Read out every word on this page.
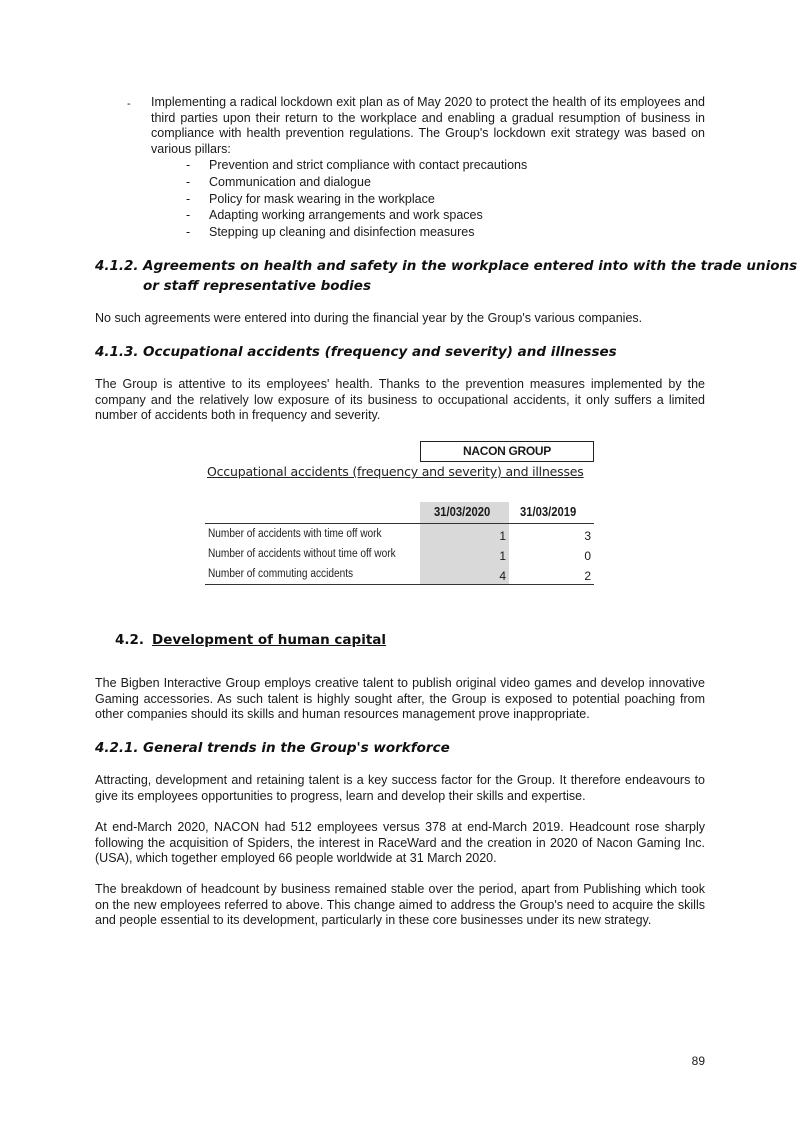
- Implementing a radical lockdown exit plan as of May 2020 to protect the health of its employees and third parties upon their return to the workplace and enabling a gradual resumption of business in compliance with health prevention regulations. The Group's lockdown exit strategy was based on various pillars:
-	Prevention and strict compliance with contact precautions
-	Communication and dialogue
-	Policy for mask wearing in the workplace
-	Adapting working arrangements and work spaces
-	Stepping up cleaning and disinfection measures
4.1.2. Agreements on health and safety in the workplace entered into with the trade unions
or staff representative bodies
No such agreements were entered into during the financial year by the Group's various companies.
4.1.3. Occupational accidents (frequency and severity) and illnesses
The Group is attentive to its employees' health. Thanks to the prevention measures implemented by the company and the relatively low exposure of its business to occupational accidents, it only suffers a limited number of accidents both in frequency and severity.
NACON GROUP
Occupational accidents (frequency and severity) and illnesses
31/03/2020 31/03/2019
Number of accidents with time off work	1	3
Number of accidents without time off work	1	0
Number of commuting accidents	4	2
4.2. Development of human capital
The Bigben Interactive Group employs creative talent to publish original video games and develop innovative Gaming accessories. As such talent is highly sought after, the Group is exposed to potential poaching from other companies should its skills and human resources management prove inappropriate.
4.2.1. General trends in the Group's workforce
Attracting, development and retaining talent is a key success factor for the Group. It therefore endeavours to give its employees opportunities to progress, learn and develop their skills and expertise.
At end-March 2020, NACON had 512 employees versus 378 at end-March 2019. Headcount rose sharply following the acquisition of Spiders, the interest in RaceWard and the creation in 2020 of Nacon Gaming Inc. (USA), which together employed 66 people worldwide at 31 March 2020.
The breakdown of headcount by business remained stable over the period, apart from Publishing which took on the new employees referred to above. This change aimed to address the Group's need to acquire the skills and people essential to its development, particularly in these core businesses under its new strategy.
89
